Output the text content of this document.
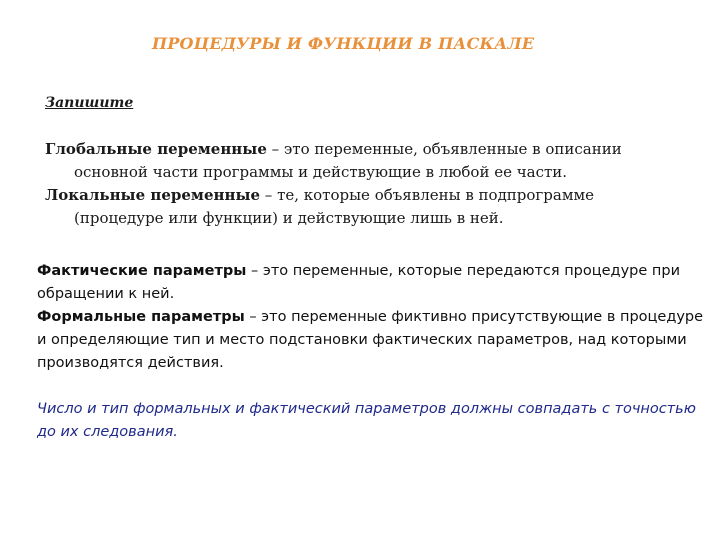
ПРОЦЕДУРЫ И ФУНКЦИИ В ПАСКАЛЕ
Запишите
Глобальные переменные – это переменные, объявленные в описании основной части программы и действующие в любой ее части.
Локальные переменные – те, которые объявлены в подпрограмме (процедуре или функции) и действующие лишь в ней.

Фактические параметры – это переменные, которые передаются процедуре при обращении к ней.

Формальные параметры – это переменные фиктивно присутствующие в процедуре и определяющие тип и место подстановки фактических параметров, над которыми производятся действия.

Число и тип формальных и фактический параметров должны совпадать с точностью до их следования.
